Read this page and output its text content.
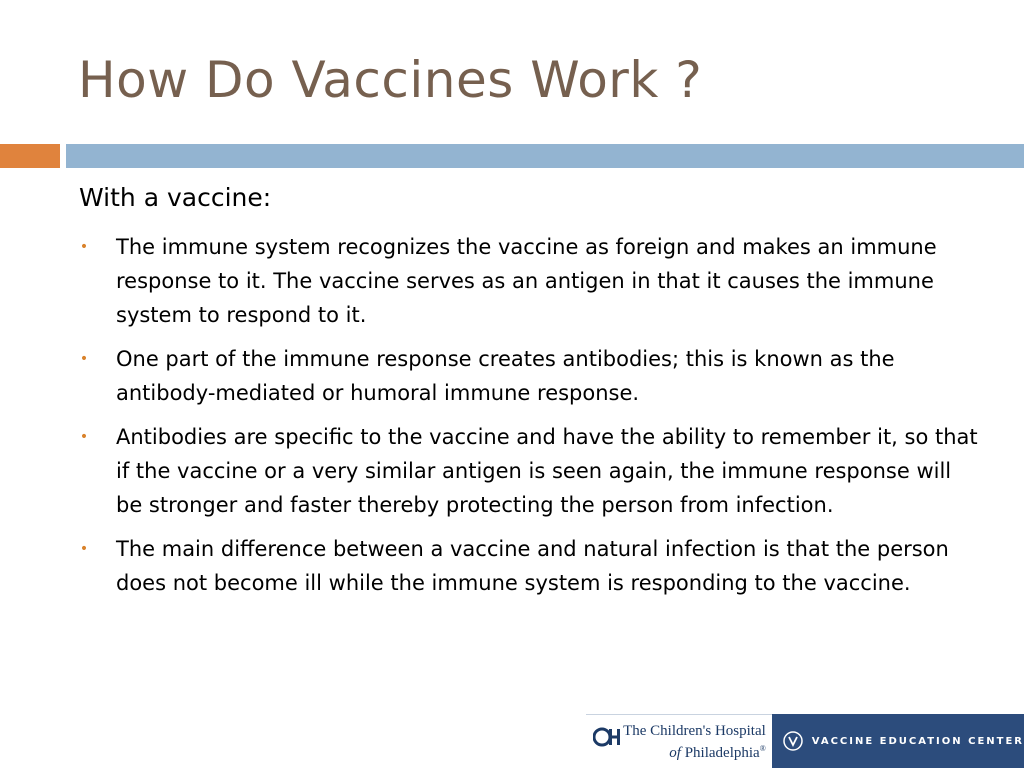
How Do Vaccines Work ?

With a vaccine:

• The immune system recognizes the vaccine as foreign and makes an immune response to it. The vaccine serves as an antigen in that it causes the immune system to respond to it.
• One part of the immune response creates antibodies; this is known as the antibody-mediated or humoral immune response.
• Antibodies are specific to the vaccine and have the ability to remember it, so that if the vaccine or a very similar antigen is seen again, the immune response will be stronger and faster thereby protecting the person from infection.
• The main difference between a vaccine and natural infection is that the person does not become ill while the immune system is responding to the vaccine.
The Children's Hospital
of Philadelphia®
VACCINE EDUCATION CENTER
